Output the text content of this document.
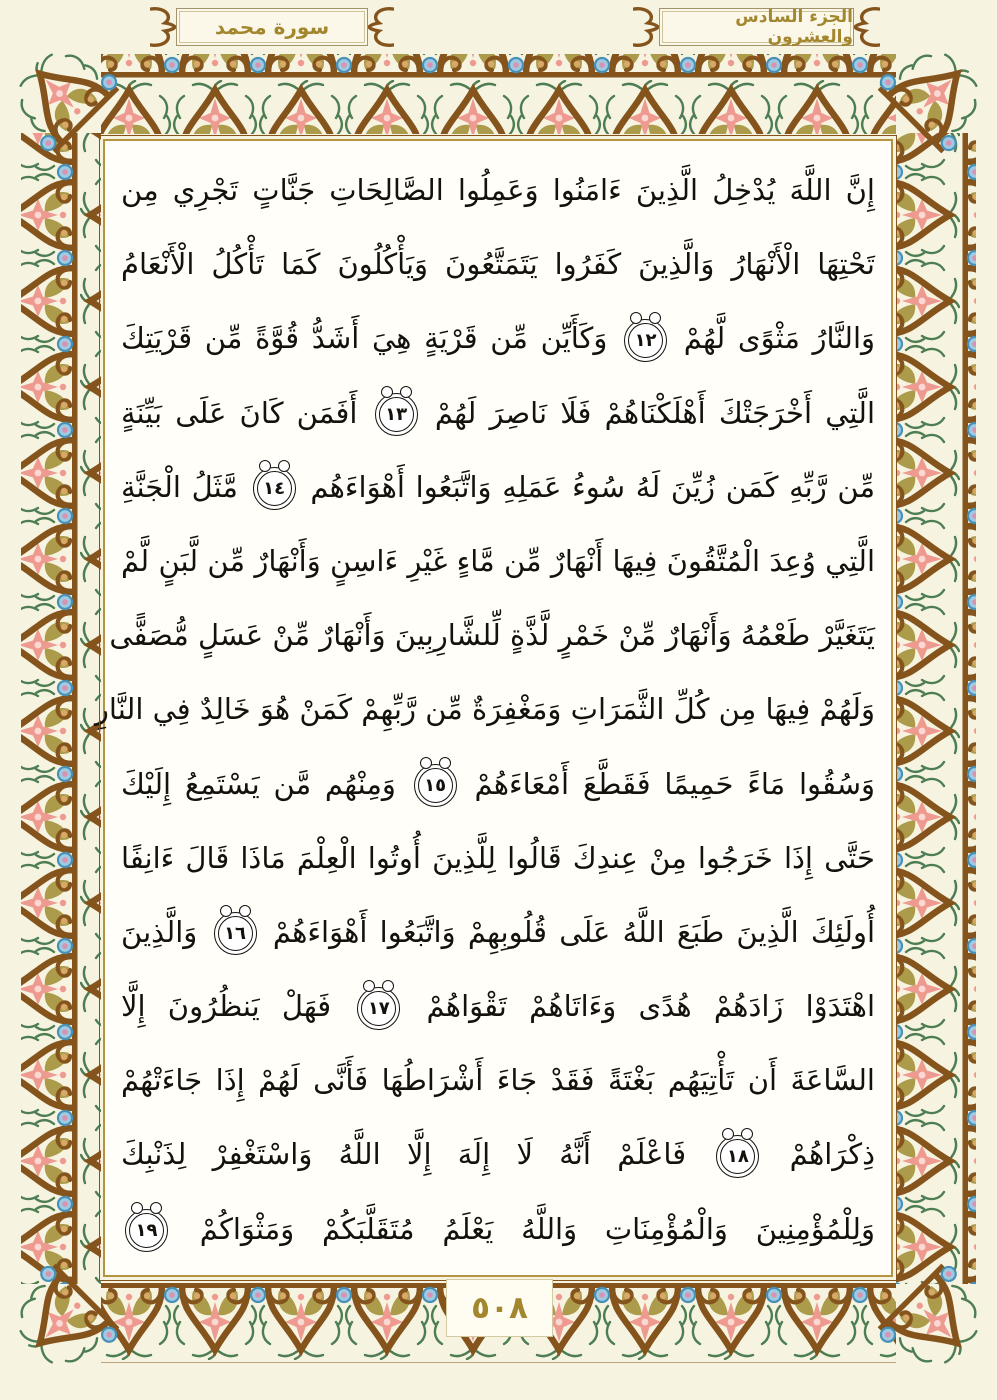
سورة محمد	الجزء السادس والعشرون
إِنَّ اللَّهَ يُدْخِلُ الَّذِينَ ءَامَنُوا وَعَمِلُوا الصَّالِحَاتِ جَنَّاتٍ تَجْرِي مِن
تَحْتِهَا الْأَنْهَارُ وَالَّذِينَ كَفَرُوا يَتَمَتَّعُونَ وَيَأْكُلُونَ كَمَا تَأْكُلُ الْأَنْعَامُ
وَالنَّارُ مَثْوًى لَّهُمْ
١٢
وَكَأَيِّن مِّن قَرْيَةٍ هِيَ أَشَدُّ قُوَّةً مِّن قَرْيَتِكَ
الَّتِي أَخْرَجَتْكَ أَهْلَكْنَاهُمْ فَلَا نَاصِرَ لَهُمْ
١٣
أَفَمَن كَانَ عَلَى بَيِّنَةٍ
مِّن رَّبِّهِ كَمَن زُيِّنَ لَهُ سُوءُ عَمَلِهِ وَاتَّبَعُوا أَهْوَاءَهُم
١٤
مَّثَلُ الْجَنَّةِ
الَّتِي وُعِدَ الْمُتَّقُونَ فِيهَا أَنْهَارٌ مِّن مَّاءٍ غَيْرِ ءَاسِنٍ وَأَنْهَارٌ مِّن لَّبَنٍ لَّمْ
يَتَغَيَّرْ طَعْمُهُ وَأَنْهَارٌ مِّنْ خَمْرٍ لَّذَّةٍ لِّلشَّارِبِينَ وَأَنْهَارٌ مِّنْ عَسَلٍ مُّصَفًّى
وَلَهُمْ فِيهَا مِن كُلِّ الثَّمَرَاتِ وَمَغْفِرَةٌ مِّن رَّبِّهِمْ كَمَنْ هُوَ خَالِدٌ فِي النَّارِ
وَسُقُوا مَاءً حَمِيمًا فَقَطَّعَ أَمْعَاءَهُمْ
١٥
وَمِنْهُم مَّن يَسْتَمِعُ إِلَيْكَ
حَتَّى إِذَا خَرَجُوا مِنْ عِندِكَ قَالُوا لِلَّذِينَ أُوتُوا الْعِلْمَ مَاذَا قَالَ ءَانِفًا
أُولَئِكَ الَّذِينَ طَبَعَ اللَّهُ عَلَى قُلُوبِهِمْ وَاتَّبَعُوا أَهْوَاءَهُمْ
١٦
وَالَّذِينَ
اهْتَدَوْا زَادَهُمْ هُدًى وَءَاتَاهُمْ تَقْوَاهُمْ
١٧
فَهَلْ يَنظُرُونَ إِلَّا
السَّاعَةَ أَن تَأْتِيَهُم بَغْتَةً فَقَدْ جَاءَ أَشْرَاطُهَا فَأَنَّى لَهُمْ إِذَا جَاءَتْهُمْ
ذِكْرَاهُمْ
١٨
فَاعْلَمْ أَنَّهُ لَا إِلَهَ إِلَّا اللَّهُ وَاسْتَغْفِرْ لِذَنْبِكَ
وَلِلْمُؤْمِنِينَ وَالْمُؤْمِنَاتِ وَاللَّهُ يَعْلَمُ مُتَقَلَّبَكُمْ وَمَثْوَاكُمْ
١٩
٥٠٨
